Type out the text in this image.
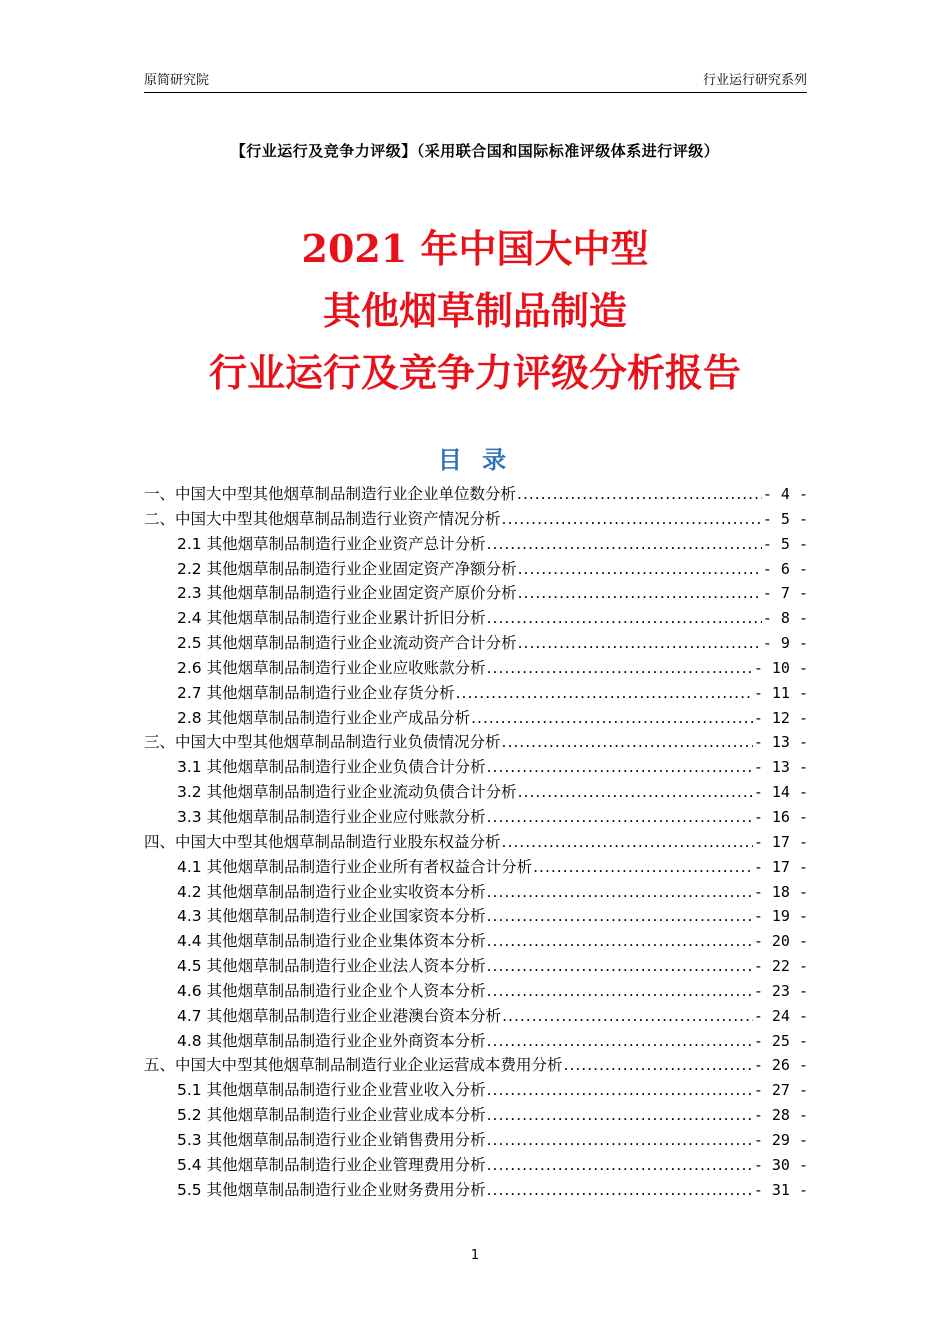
原简研究院	行业运行研究系列
【行业运行及竞争力评级】（采用联合国和国际标准评级体系进行评级）
2021 年中国大中型
其他烟草制品制造
行业运行及竞争力评级分析报告
目 录
一、中国大中型其他烟草制品制造行业企业单位数分析 .....	- 4 -
二、中国大中型其他烟草制品制造行业资产情况分析 .....	- 5 -
2.1 其他烟草制品制造行业企业资产总计分析 .....	- 5 -
2.2 其他烟草制品制造行业企业固定资产净额分析 .....	- 6 -
2.3 其他烟草制品制造行业企业固定资产原价分析 .....	- 7 -
2.4 其他烟草制品制造行业企业累计折旧分析 .....	- 8 -
2.5 其他烟草制品制造行业企业流动资产合计分析 .....	- 9 -
2.6 其他烟草制品制造行业企业应收账款分析 .....	- 10 -
2.7 其他烟草制品制造行业企业存货分析 .....	- 11 -
2.8 其他烟草制品制造行业企业产成品分析 .....	- 12 -
三、中国大中型其他烟草制品制造行业负债情况分析 .....	- 13 -
3.1 其他烟草制品制造行业企业负债合计分析 .....	- 13 -
3.2 其他烟草制品制造行业企业流动负债合计分析 .....	- 14 -
3.3 其他烟草制品制造行业企业应付账款分析 .....	- 16 -
四、中国大中型其他烟草制品制造行业股东权益分析 .....	- 17 -
4.1 其他烟草制品制造行业企业所有者权益合计分析 .....	- 17 -
4.2 其他烟草制品制造行业企业实收资本分析 .....	- 18 -
4.3 其他烟草制品制造行业企业国家资本分析 .....	- 19 -
4.4 其他烟草制品制造行业企业集体资本分析 .....	- 20 -
4.5 其他烟草制品制造行业企业法人资本分析 .....	- 22 -
4.6 其他烟草制品制造行业企业个人资本分析 .....	- 23 -
4.7 其他烟草制品制造行业企业港澳台资本分析 .....	- 24 -
4.8 其他烟草制品制造行业企业外商资本分析 .....	- 25 -
五、中国大中型其他烟草制品制造行业企业运营成本费用分析 .....	- 26 -
5.1 其他烟草制品制造行业企业营业收入分析 .....	- 27 -
5.2 其他烟草制品制造行业企业营业成本分析 .....	- 28 -
5.3 其他烟草制品制造行业企业销售费用分析 .....	- 29 -
5.4 其他烟草制品制造行业企业管理费用分析 .....	- 30 -
5.5 其他烟草制品制造行业企业财务费用分析 .....	- 31 -
1
